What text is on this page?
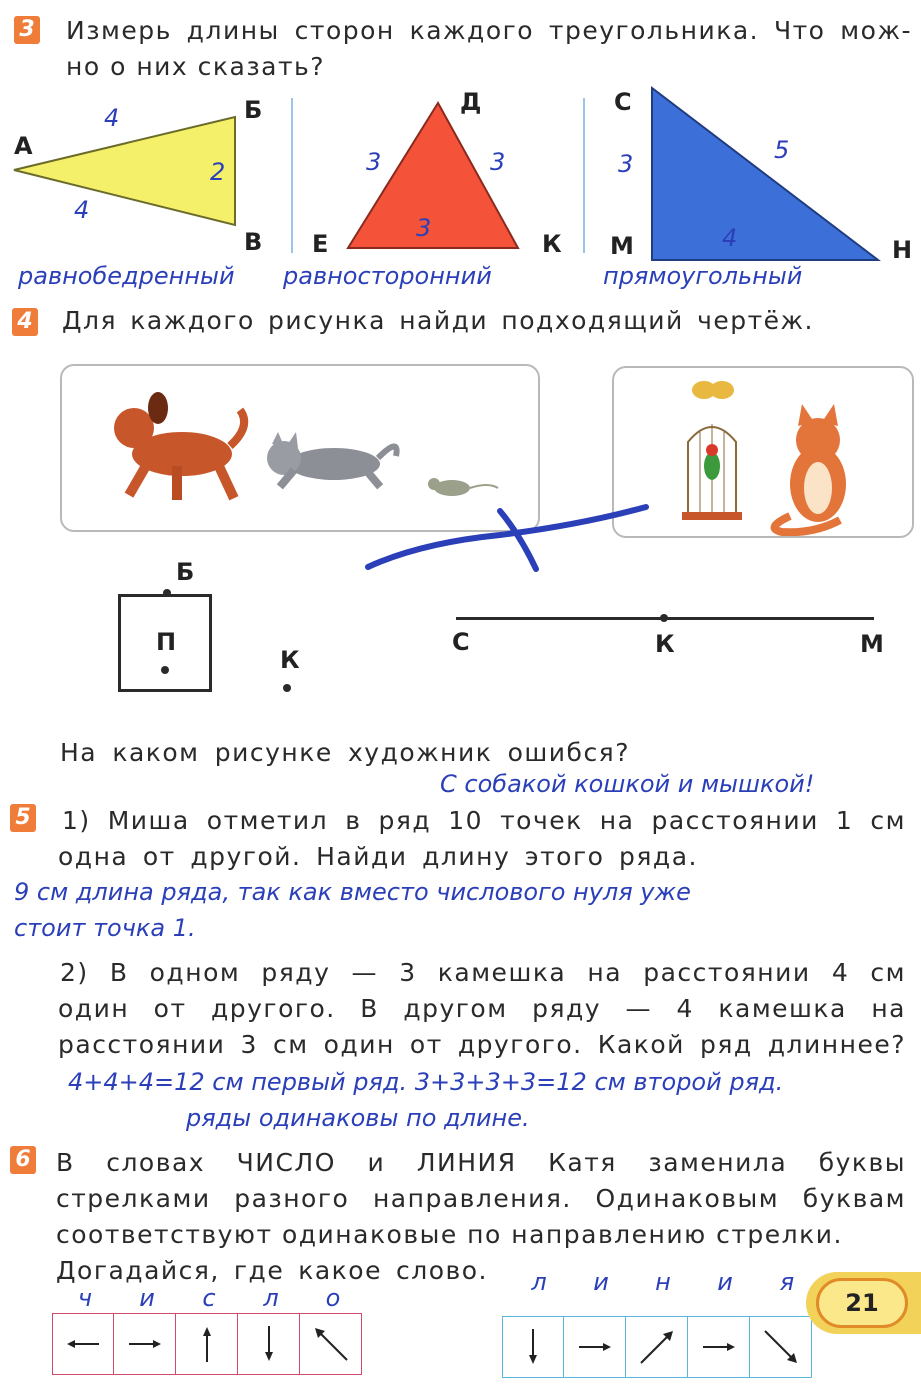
3 Измерь длины сторон каждого треугольника. Что мож-
но о них сказать?
А
Б
В
4
2
4
равнобедренный
Д
Е	К
3	3
3
равносторонний
С
М	Н
3	5
4
прямоугольный
4 Для каждого рисунка найди подходящий чертёж.
Б
П
К
С	К	М
На каком рисунке художник ошибся?
С собакой кошкой и мышкой!
5 1) Миша отметил в ряд 10 точек на расстоянии 1 см
одна от другой. Найди длину этого ряда.
9 см длина ряда, так как вместо числового нуля уже
стоит точка 1.
2) В одном ряду — 3 камешка на расстоянии 4 см
один от другого. В другом ряду — 4 камешка на
расстоянии 3 см один от другого. Какой ряд длиннее?
4+4+4=12 см первый ряд. 3+3+3+3=12 см второй ряд.
ряды одинаковы по длине.
6 В словах ЧИСЛО и ЛИНИЯ Катя заменила буквы
стрелками разного направления. Одинаковым буквам
соответствуют одинаковые по направлению стрелки.
Догадайся, где какое слово.
ч	и	с	л	о
л	и	н	и	я
21
